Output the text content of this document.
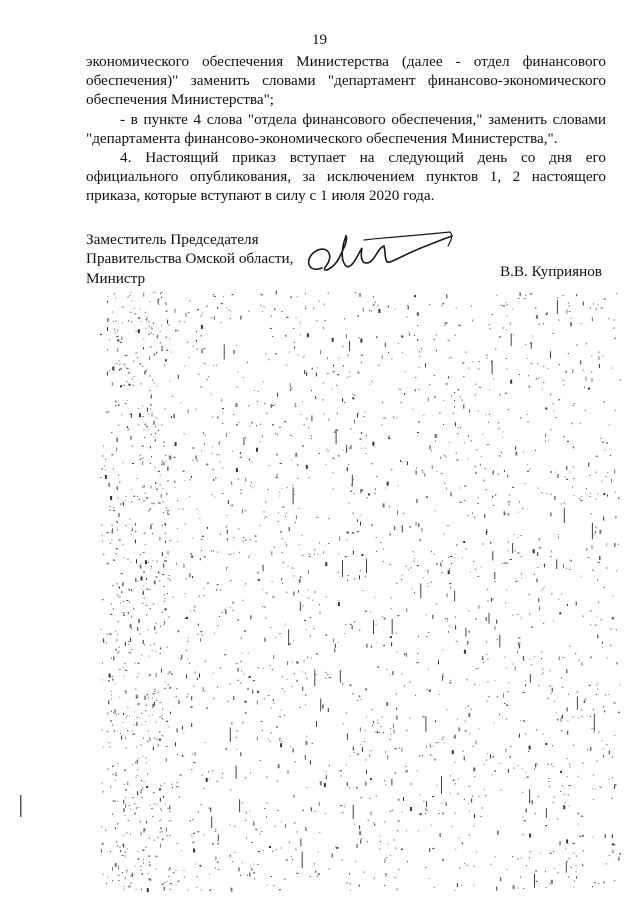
19

экономического обеспечения Министерства (далее - отдел финансового обеспечения)" заменить словами "департамент финансово-экономического обеспечения Министерства";

- в пункте 4 слова "отдела финансового обеспечения," заменить словами "департамента финансово-экономического обеспечения Министерства,".

4. Настоящий приказ вступает на следующий день со дня его официального опубликования, за исключением пунктов 1, 2 настоящего приказа, которые вступают в силу с 1 июля 2020 года.

Заместитель Председателя
Правительства Омской области,
Министр	В.В. Куприянов
